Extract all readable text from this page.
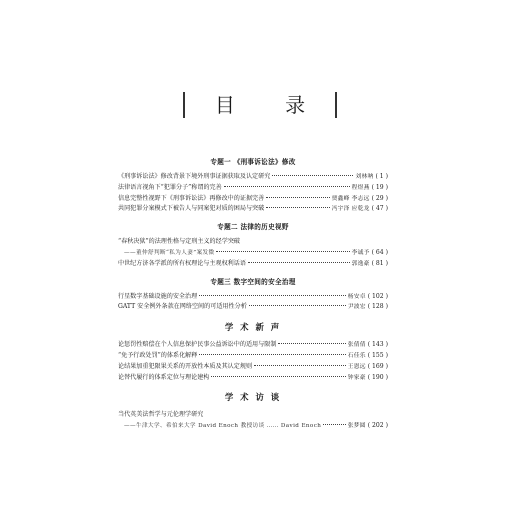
目 录
专题一 《刑事诉讼法》修改
《刑事诉讼法》修改背景下境外刑事证据获取及认定研究	刘林呐 ( 1 )
法律语言视角下“犯罪分子”称谓的完善	程煜燕 ( 19 )
信息完整性视野下《刑事诉讼法》再修改中的证据完善	贾鑫峰 李志远 ( 29 )
共同犯罪分案模式下被告人与同案犯对质的困局与突破	冯宇泽 应乾龙 ( 47 )
专题二 法律的历史视野
“春秋决狱”的法理性格与定刑主义的经学突破
——董仲舒判断“私为人妻”案发微	李诚予 ( 64 )
中世纪方济各学派的所有权理论与主观权利话语	郭逸豪 ( 81 )
专题三 数字空间的安全治理
行星数字基础设施的安全治理	杨安卓 ( 102 )
GATT 安全例外条款在网络空间的可适用性分析	尹波宏 ( 128 )
学 术 新 声
论惩罚性赔偿在个人信息保护民事公益诉讼中的适用与限制	张倩倩 ( 143 )
“免予行政处罚”的体系化解释	石佳乐 ( 155 )
论结果加重犯限果关系的开放性本质及其认定规则	王恩远 ( 169 )
论替代履行的体系定位与理论建构	钟家豪 ( 190 )
学 术 访 谈
当代英美法哲学与元伦理学研究
——牛津大学、希伯来大学 David Enoch 教授访谈 …… David Enoch	张梦圆 ( 202 )
